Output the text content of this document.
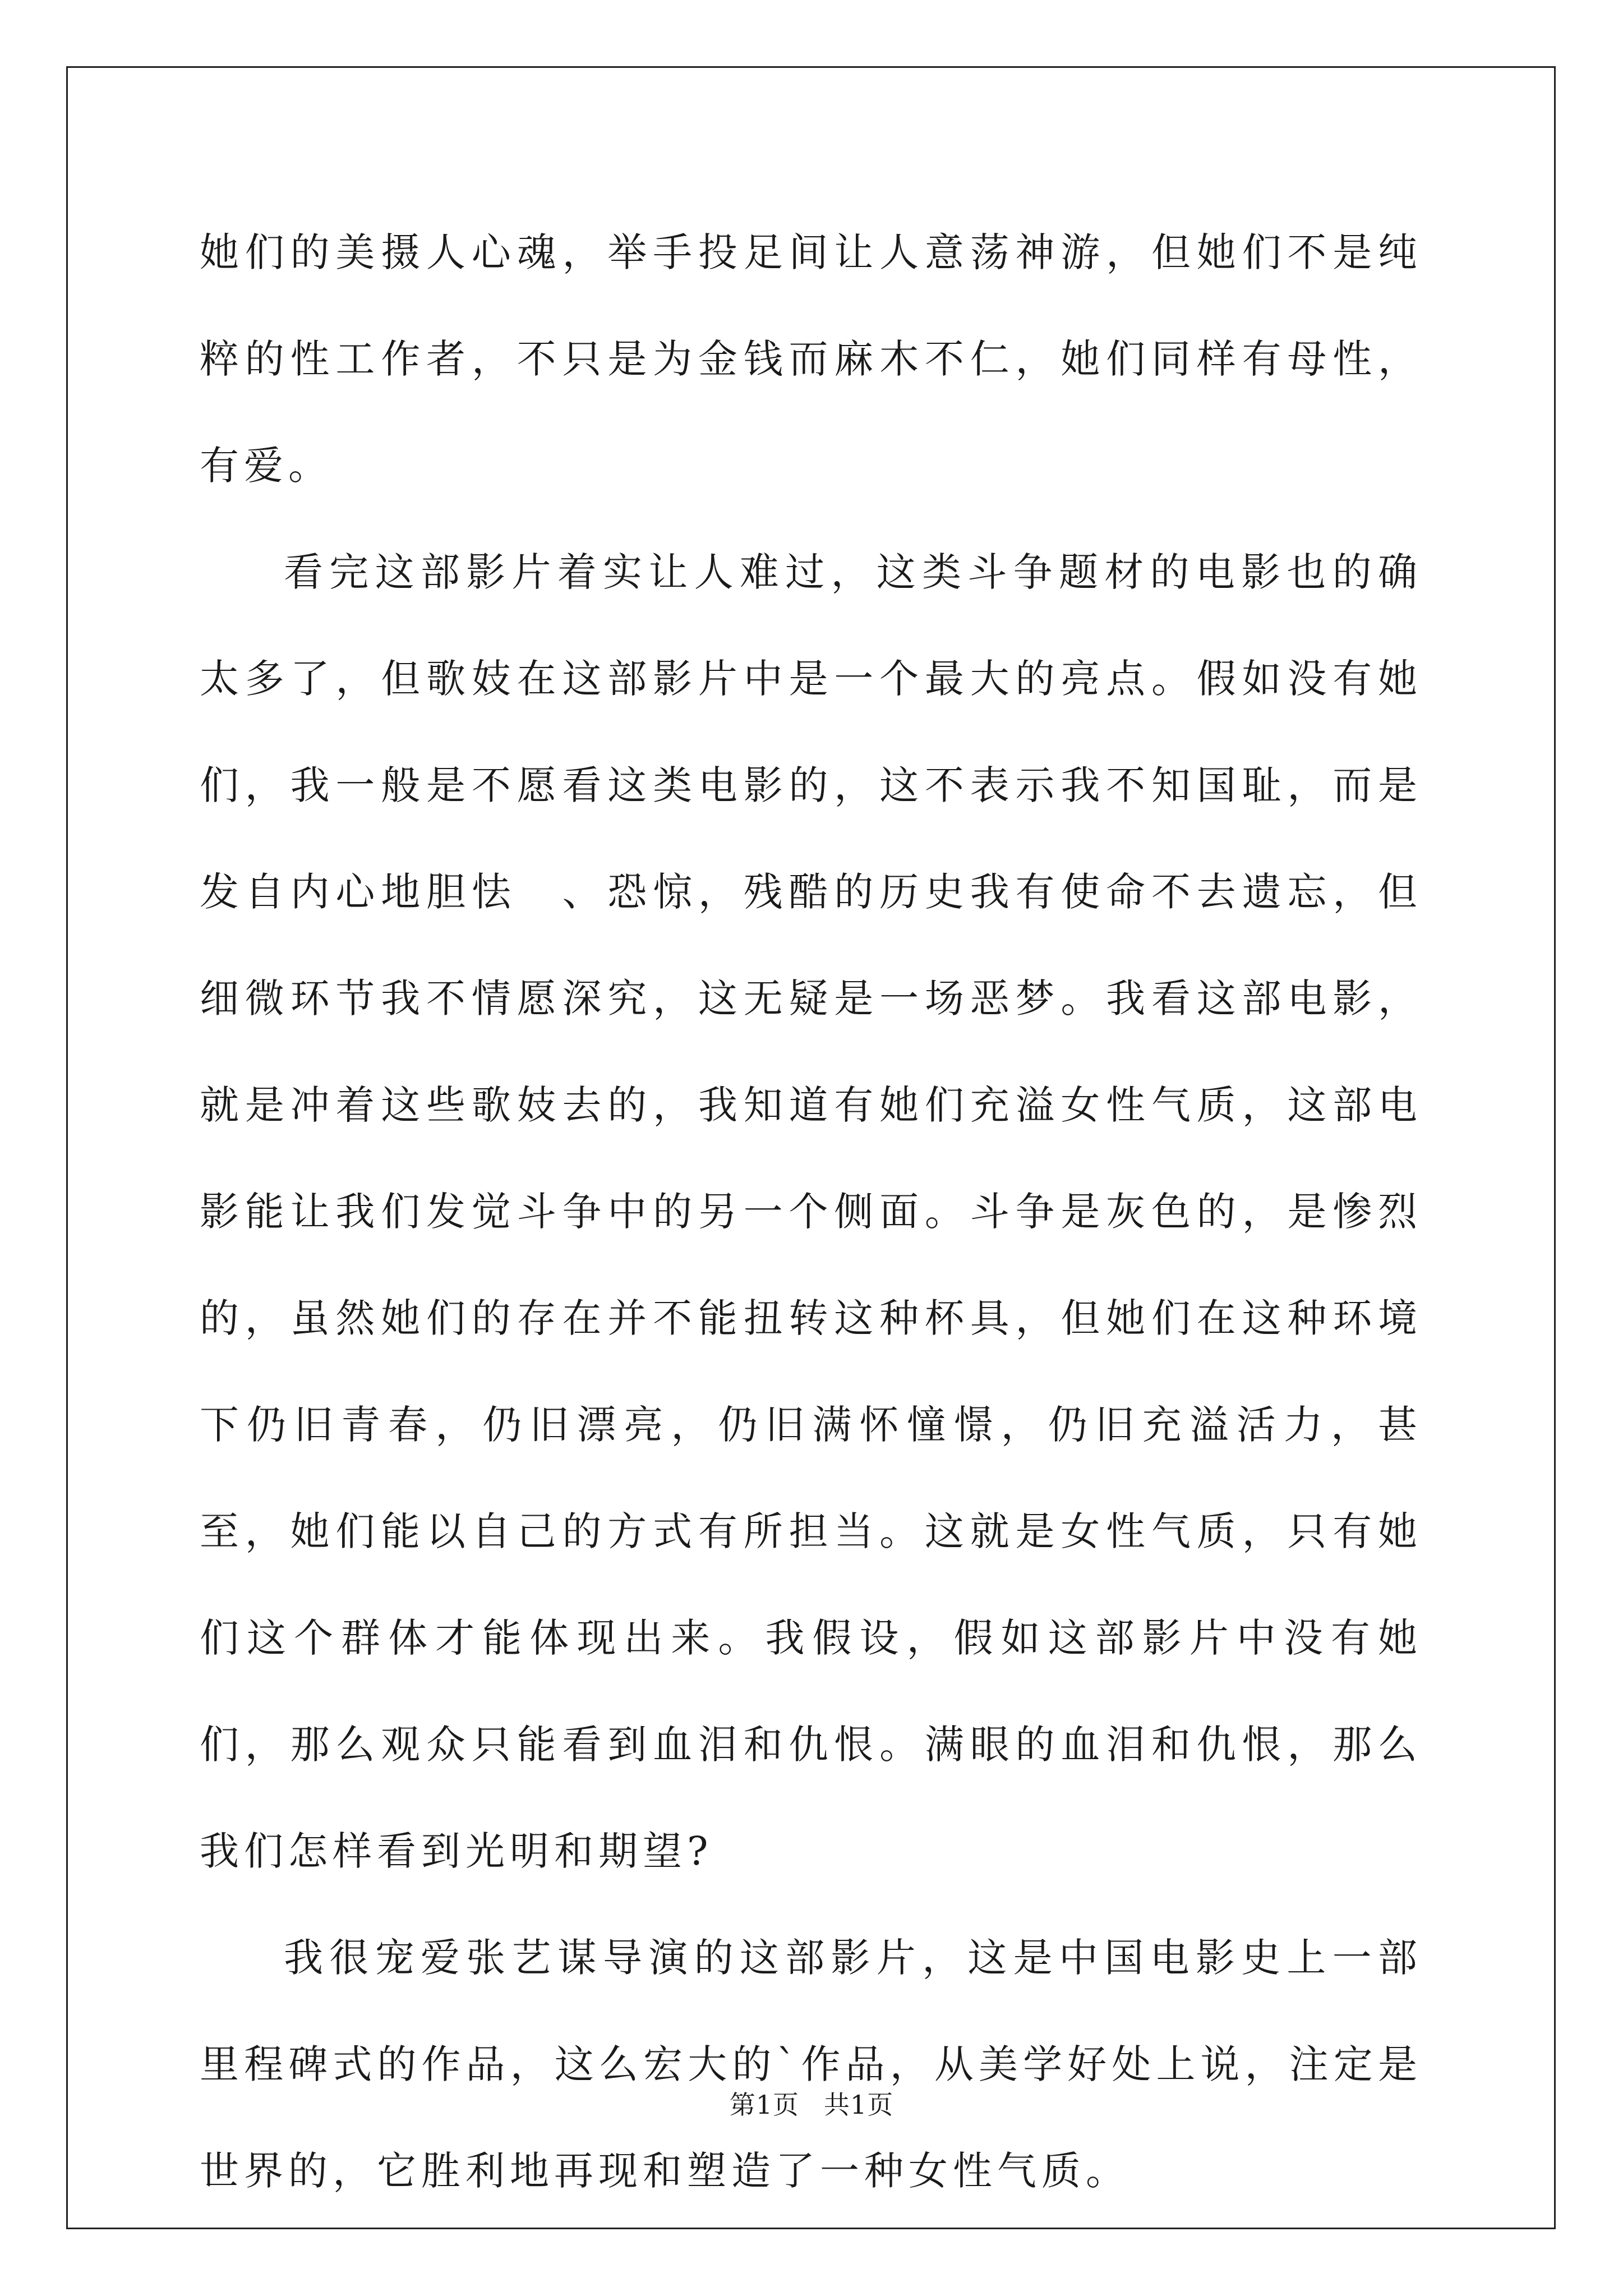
她们的美摄人心魂，举手投足间让人意荡神游，但她们不是纯粹的性工作者，不只是为金钱而麻木不仁，她们同样有母性，有爱。

看完这部影片着实让人难过，这类斗争题材的电影也的确太多了，但歌妓在这部影片中是一个最大的亮点。假如没有她们，我一般是不愿看这类电影的，这不表示我不知国耻，而是发自内心地胆怯　、恐惊，残酷的历史我有使命不去遗忘，但细微环节我不情愿深究，这无疑是一场恶梦。我看这部电影，就是冲着这些歌妓去的，我知道有她们充溢女性气质，这部电影能让我们发觉斗争中的另一个侧面。斗争是灰色的，是惨烈的，虽然她们的存在并不能扭转这种杯具，但她们在这种环境下仍旧青春，仍旧漂亮，仍旧满怀憧憬，仍旧充溢活力，甚至，她们能以自己的方式有所担当。这就是女性气质，只有她们这个群体才能体现出来。我假设，假如这部影片中没有她们，那么观众只能看到血泪和仇恨。满眼的血泪和仇恨，那么我们怎样看到光明和期望?

我很宠爱张艺谋导演的这部影片，这是中国电影史上一部里程碑式的作品，这么宏大的`作品，从美学好处上说，注定是世界的，它胜利地再现和塑造了一种女性气质。

第1页 共1页
